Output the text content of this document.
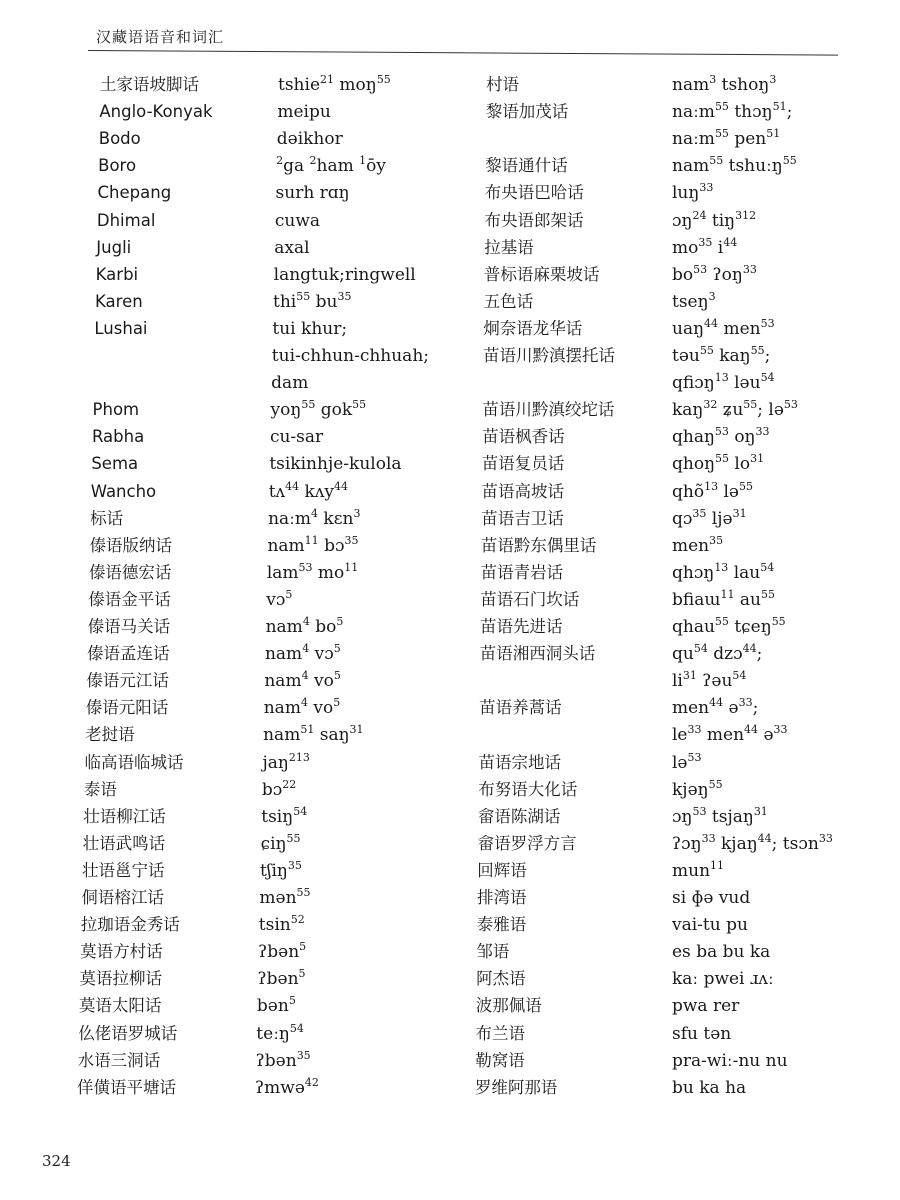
汉藏语语音和词汇
土家语坡脚话
Anglo-Konyak
Bodo
Boro
Chepang
Dhimal
Jugli
Karbi
Karen
Lushai
Phom
Rabha
Sema
Wancho
标话
傣语版纳话
傣语德宏话
傣语金平话
傣语马关话
傣语孟连话
傣语元江话
傣语元阳话
老挝语
临高语临城话
泰语
壮语柳江话
壮语武鸣话
壮语邕宁话
侗语榕江话
拉珈语金秀话
莫语方村话
莫语拉柳话
莫语太阳话
仫佬语罗城话
水语三洞话
佯僙语平塘话
tshie$^{21}$ moŋ$^{55}$
meipu
dəikhor
$^2$ga $^2$ham $^1$ōy
surh rɑŋ
cuwa
axal
langtuk;ringwell
thi$^{55}$ $bu^{35}$
tui khur;
tui-chhun-chhuah;
dam
yoŋ$^{55}$ gok$^{55}$
cu-sar
tsikinhje-kulola
tʌ$^{44}$ kʌy$^{44}$
naːm$^4$ kɛn$^3$
nam$^{11}$ bɔ$^{35}$
lam$^{53}$ $mo^{11}$
vɔ$^5$
nam$^4$ $bo^5$
nam$^4$ vɔ$^5$
nam$^4$ $vo^5$
nam$^4$ $vo^5$
nam$^{51}$ saŋ$^{31}$
jaŋ$^{213}$
bɔ$^{22}$
tsiŋ$^{54}$
ɕiŋ$^{55}$
tʃiŋ$^{35}$
mən$^{55}$
tsin$^{52}$
ʔbən$^5$
ʔbən$^5$
bən$^5$
teːŋ$^{54}$
ʔbən$^{35}$
ʔmwə$^{42}$
村语
黎语加茂话
黎语通什话
布央语巴哈话
布央语郎架话
拉基语
普标语麻栗坡话
五色话
炯奈语龙华话
苗语川黔滇摆托话
苗语川黔滇绞坨话
苗语枫香话
苗语复员话
苗语高坡话
苗语吉卫话
苗语黔东偶里话
苗语青岩话
苗语石门坎话
苗语先进话
苗语湘西洞头话
苗语养蒿话
苗语宗地话
布努语大化话
畲语陈湖话
畲语罗浮方言
回辉语
排湾语
泰雅语
邹语
阿杰语
波那佩语
布兰语
勒窝语
罗维阿那语
nam$^3$ tshoŋ$^3$
naːm$^{55}$ thɔŋ$^{51}$;
naːm$^{55}$ pen$^{51}$
nam$^{55}$ tshuːŋ$^{55}$
luŋ$^{33}$
ɔŋ$^{24}$ tiŋ$^{312}$
$mo^{35}$ $i^{44}$
$bo^{53}$ ʔoŋ$^{33}$
tseŋ$^3$
uaŋ$^{44}$ men$^{53}$
təu$^{55}$ kaŋ$^{55}$;
qfiɔŋ$^{13}$ ləu$^{54}$
kaŋ$^{32}$ ʑu$^{55}$; lə$^{53}$
qhaŋ$^{53}$ $oŋ^{33}$
qhoŋ$^{55}$ $lo^{31}$
qhõ$^{13}$ lə$^{55}$
qɔ$^{35}$ ljə$^{31}$
men$^{35}$
qhɔŋ$^{13}$ lau$^{54}$
bfiaɯ$^{11}$ $au^{55}$
qhau$^{55}$ tɕeŋ$^{55}$
$qu^{54}$ dzɔ$^{44}$;
$li^{31}$ ʔəu$^{54}$
men$^{44}$ ə$^{33}$;
$le^{33}$ men$^{44}$ ə$^{33}$
lə$^{53}$
kjəŋ$^{55}$
ɔŋ$^{53}$ tsjaŋ$^{31}$
ʔɔŋ$^{33}$ kjaŋ$^{44}$; tsɔn$^{33}$
mun$^{11}$
si ɸə vud
vai-tu pu
es ba bu ka
kaː pwei ɹʌː
pwa rer
sfu tən
pra-wiː-nu nu
bu ka ha
324
